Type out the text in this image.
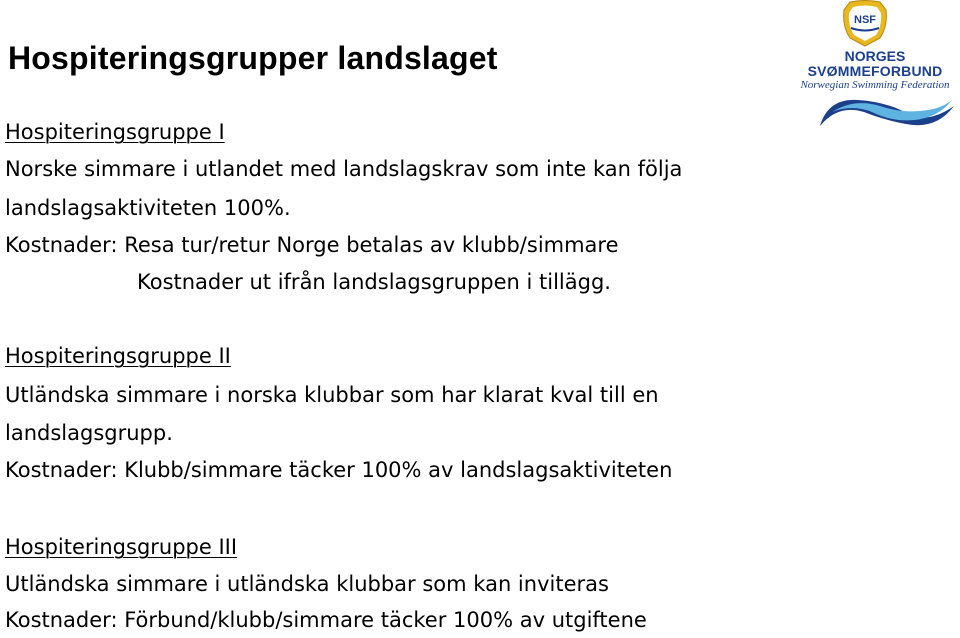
Hospiteringsgrupper landslaget
NSF

NORGES

SVØMMEFORBUND

Norwegian Swimming Federation

Hospiteringsgruppe I

Norske simmare i utlandet med landslagskrav som inte kan följa

landslagsaktiviteten 100%.

Kostnader: Resa tur/retur Norge betalas av klubb/simmare

Kostnader ut ifrån landslagsgruppen i tillägg.

Hospiteringsgruppe II

Utländska simmare i norska klubbar som har klarat kval till en

landslagsgrupp.

Kostnader: Klubb/simmare täcker 100% av landslagsaktiviteten

Hospiteringsgruppe III

Utländska simmare i utländska klubbar som kan inviteras

Kostnader: Förbund/klubb/simmare täcker 100% av utgiftene
